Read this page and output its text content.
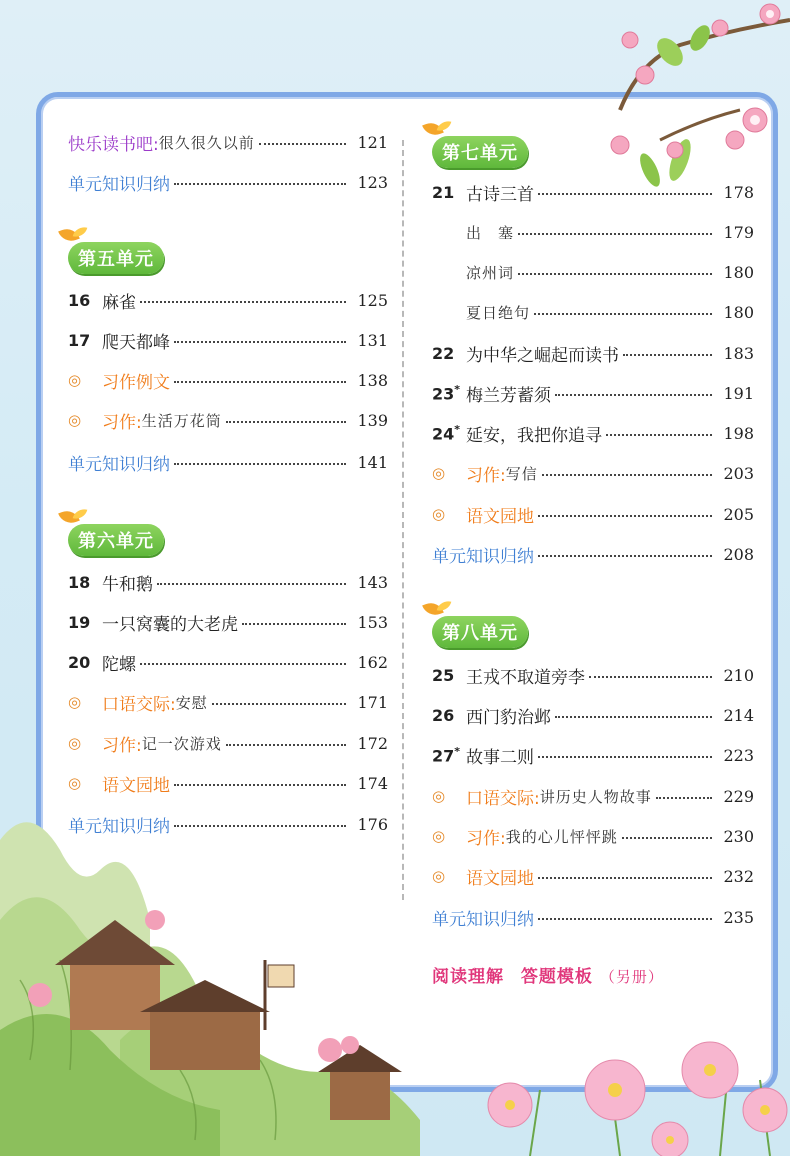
快乐读书吧: 很久很久以前	121
单元知识归纳	123
第五单元
16 麻雀	125
17 爬天都峰	131
◎	习作例文	138
◎	习作: 生活万花筒	139
单元知识归纳	141
第六单元
18 牛和鹅	143
19 一只窝囊的大老虎	153
20 陀螺	162
◎	口语交际: 安慰	171
◎	习作: 记一次游戏	172
◎	语文园地	174
单元知识归纳	176
第七单元
21 古诗三首	178
出　塞	179
凉州词	180
夏日绝句	180
22 为中华之崛起而读书	183
23* 梅兰芳蓄须	191
24* 延安，我把你追寻	198
◎	习作: 写信	203
◎	语文园地	205
单元知识归纳	208
第八单元
25 王戎不取道旁李	210
26 西门豹治邺	214
27* 故事二则	223
◎	口语交际: 讲历史人物故事	229
◎	习作: 我的心儿怦怦跳	230
◎	语文园地	232
单元知识归纳	235
阅读理解 答题模板 （另册）
